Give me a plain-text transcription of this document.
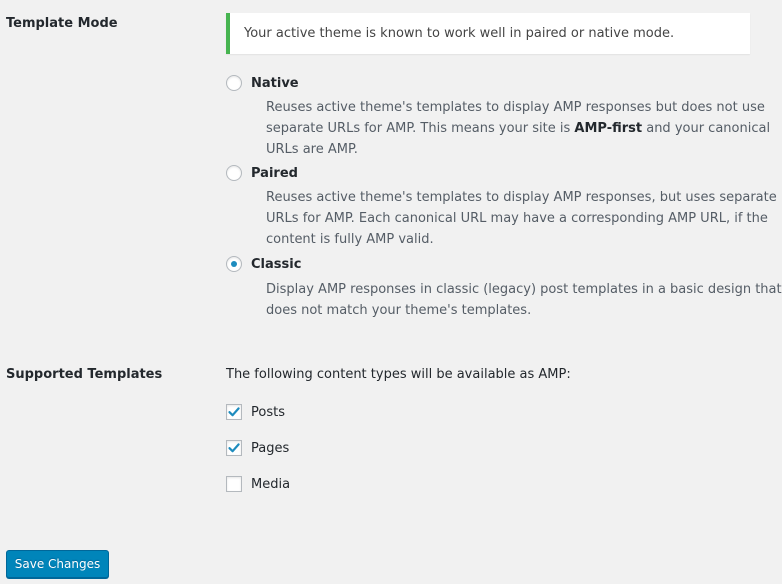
Template Mode
Your active theme is known to work well in paired or native mode.
Native
Reuses active theme's templates to display AMP responses but does not use
separate URLs for AMP. This means your site is AMP-first and your canonical
URLs are AMP.
Paired
Reuses active theme's templates to display AMP responses, but uses separate
URLs for AMP. Each canonical URL may have a corresponding AMP URL, if the
content is fully AMP valid.
Classic
Display AMP responses in classic (legacy) post templates in a basic design that
does not match your theme's templates.
Supported Templates	The following content types will be available as AMP:
Posts
Pages
Media
Save Changes
